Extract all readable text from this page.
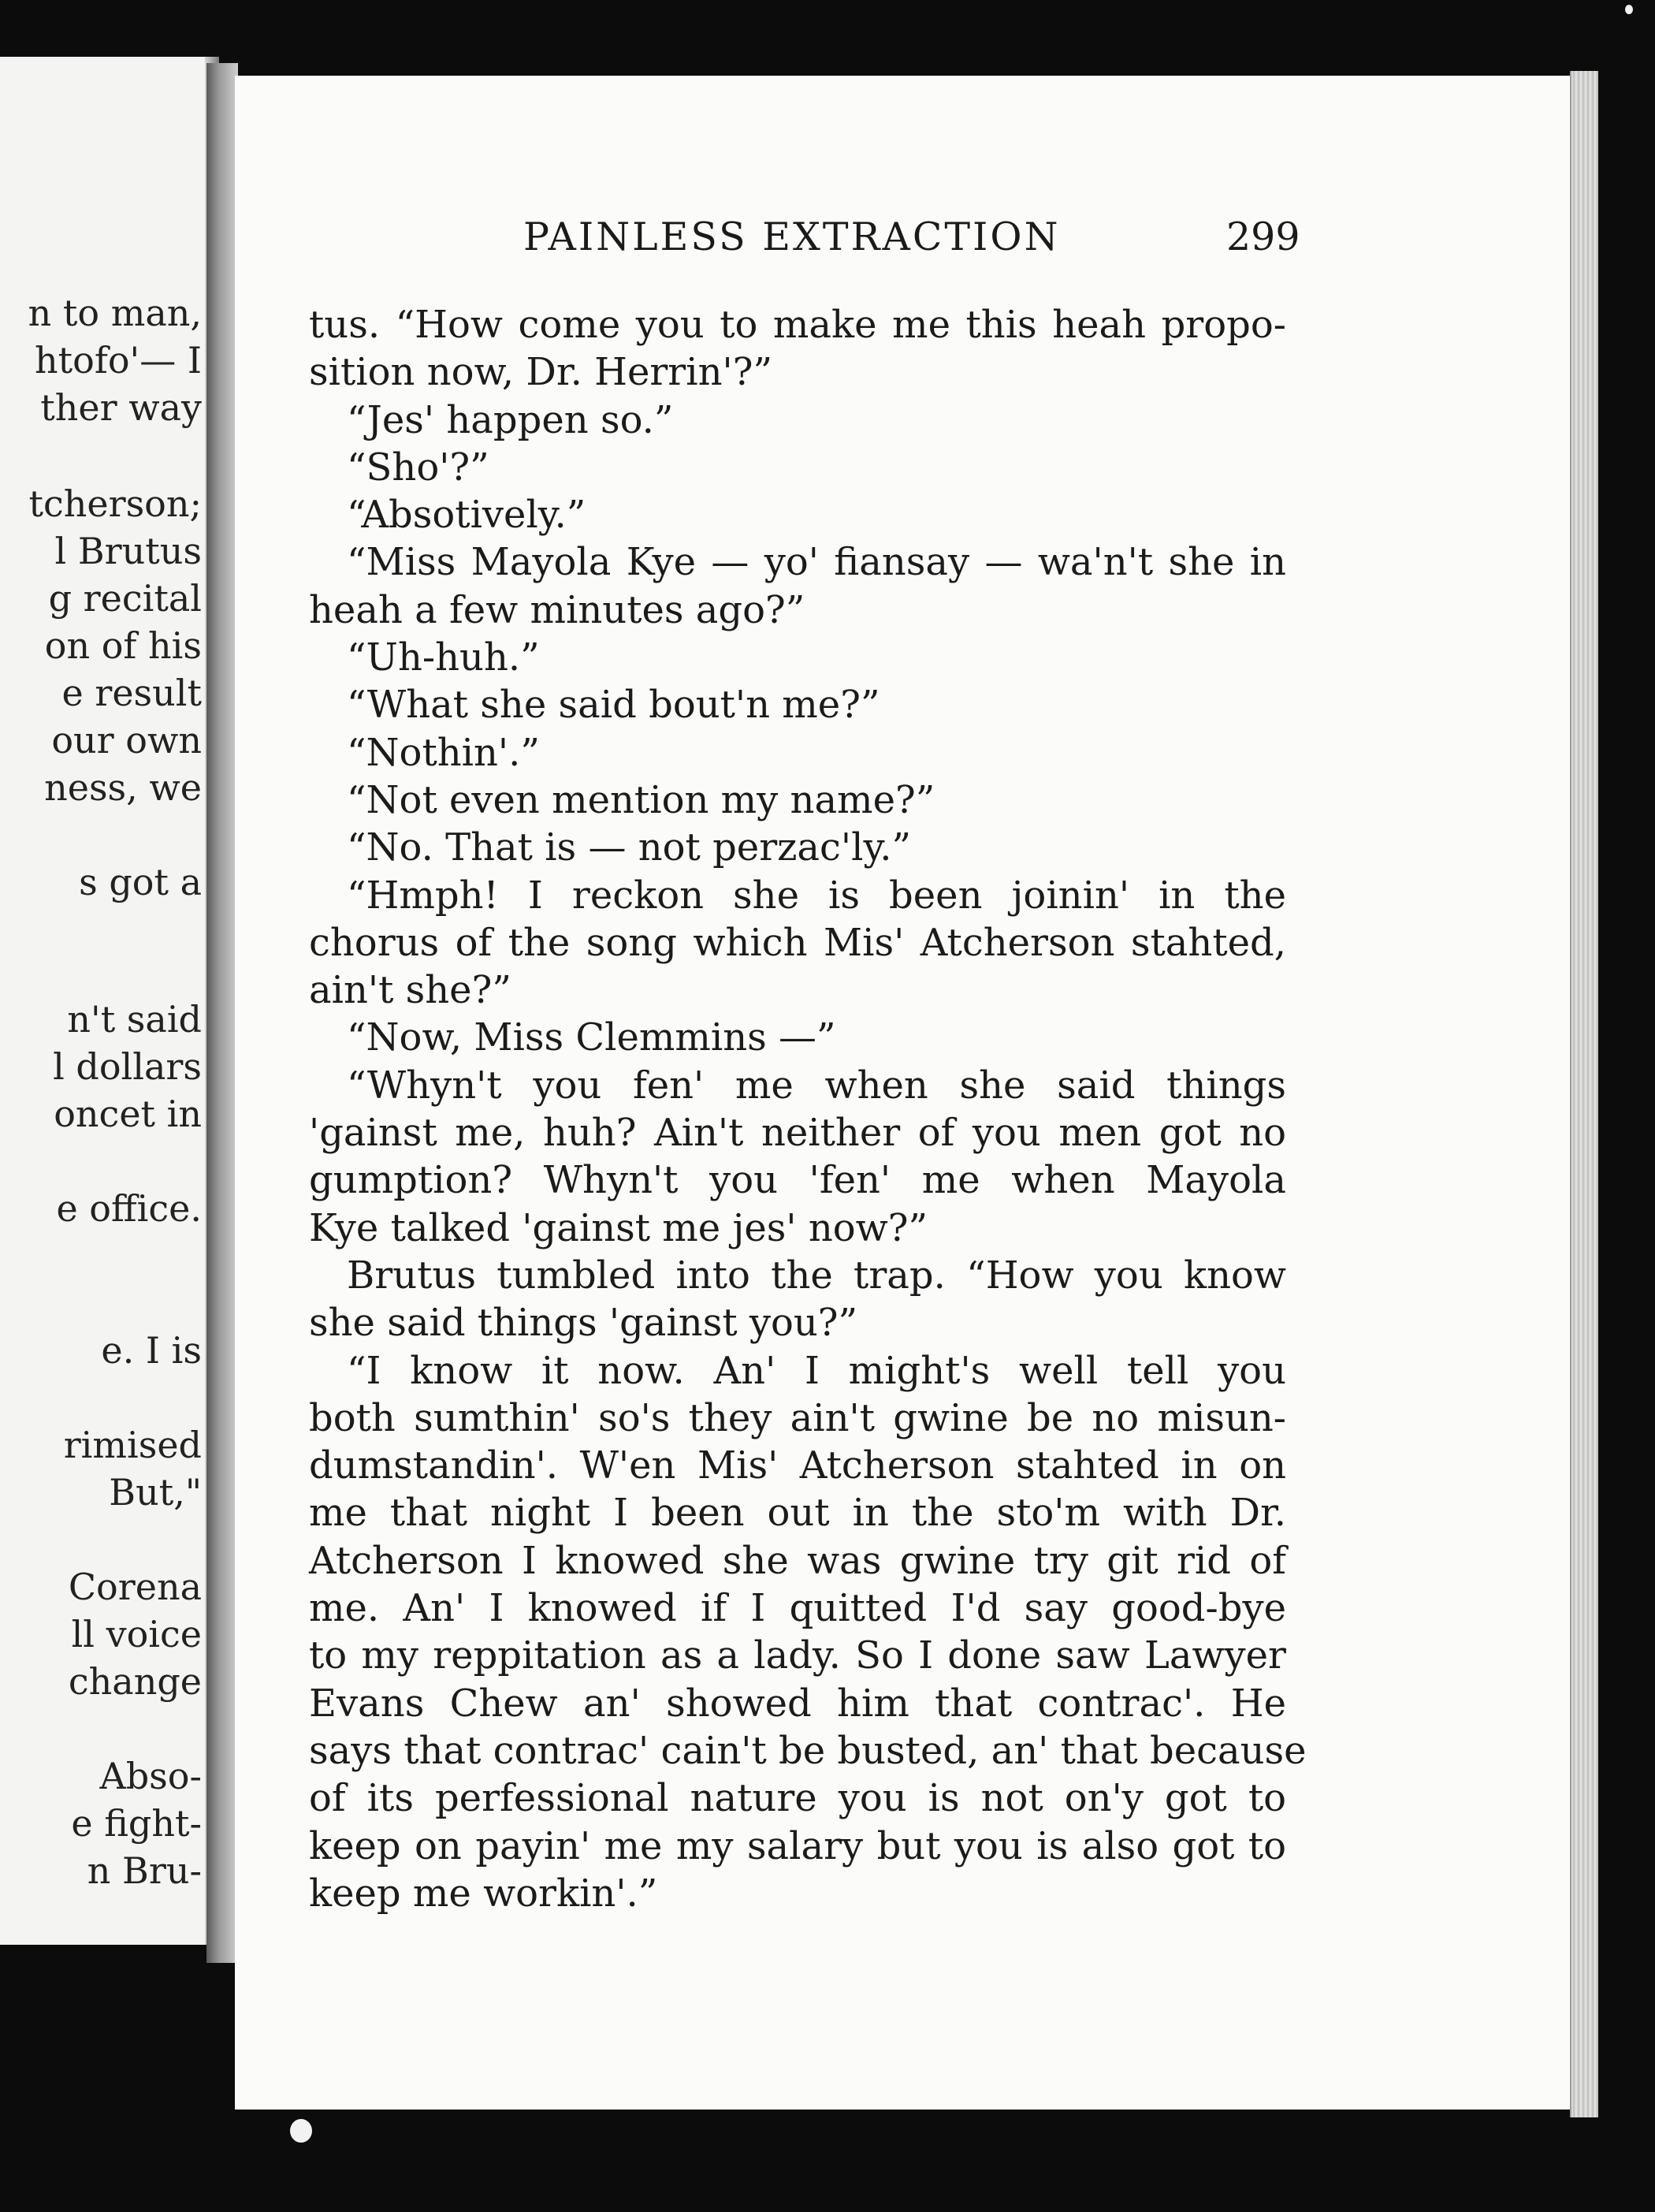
n to man,
htofo'— I
ther way
tcherson;
l Brutus
g recital
on of his
e result
our own
ness, we
s got a
n't said
l dollars
oncet in
e office.
e. I is
rimised
But,"
Corena
ll voice
change
Abso-
e fight-
n Bru-
PAINLESS EXTRACTION	299
tus. “How come you to make me this heah propo-
sition now, Dr. Herrin'?”
“Jes' happen so.”
“Sho'?”
“Absotively.”
“Miss Mayola Kye — yo' fiansay — wa'n't she in
heah a few minutes ago?”
“Uh-huh.”
“What she said bout'n me?”
“Nothin'.”
“Not even mention my name?”
“No. That is — not perzac'ly.”
“Hmph! I reckon she is been joinin' in the
chorus of the song which Mis' Atcherson stahted,
ain't she?”
“Now, Miss Clemmins —”
“Whyn't you fen' me when she said things
'gainst me, huh? Ain't neither of you men got no
gumption? Whyn't you 'fen' me when Mayola
Kye talked 'gainst me jes' now?”
Brutus tumbled into the trap. “How you know
she said things 'gainst you?”
“I know it now. An' I might's well tell you
both sumthin' so's they ain't gwine be no misun-
dumstandin'. W'en Mis' Atcherson stahted in on
me that night I been out in the sto'm with Dr.
Atcherson I knowed she was gwine try git rid of
me. An' I knowed if I quitted I'd say good-bye
to my reppitation as a lady. So I done saw Lawyer
Evans Chew an' showed him that contrac'. He
says that contrac' cain't be busted, an' that because
of its perfessional nature you is not on'y got to
keep on payin' me my salary but you is also got to
keep me workin'.”
